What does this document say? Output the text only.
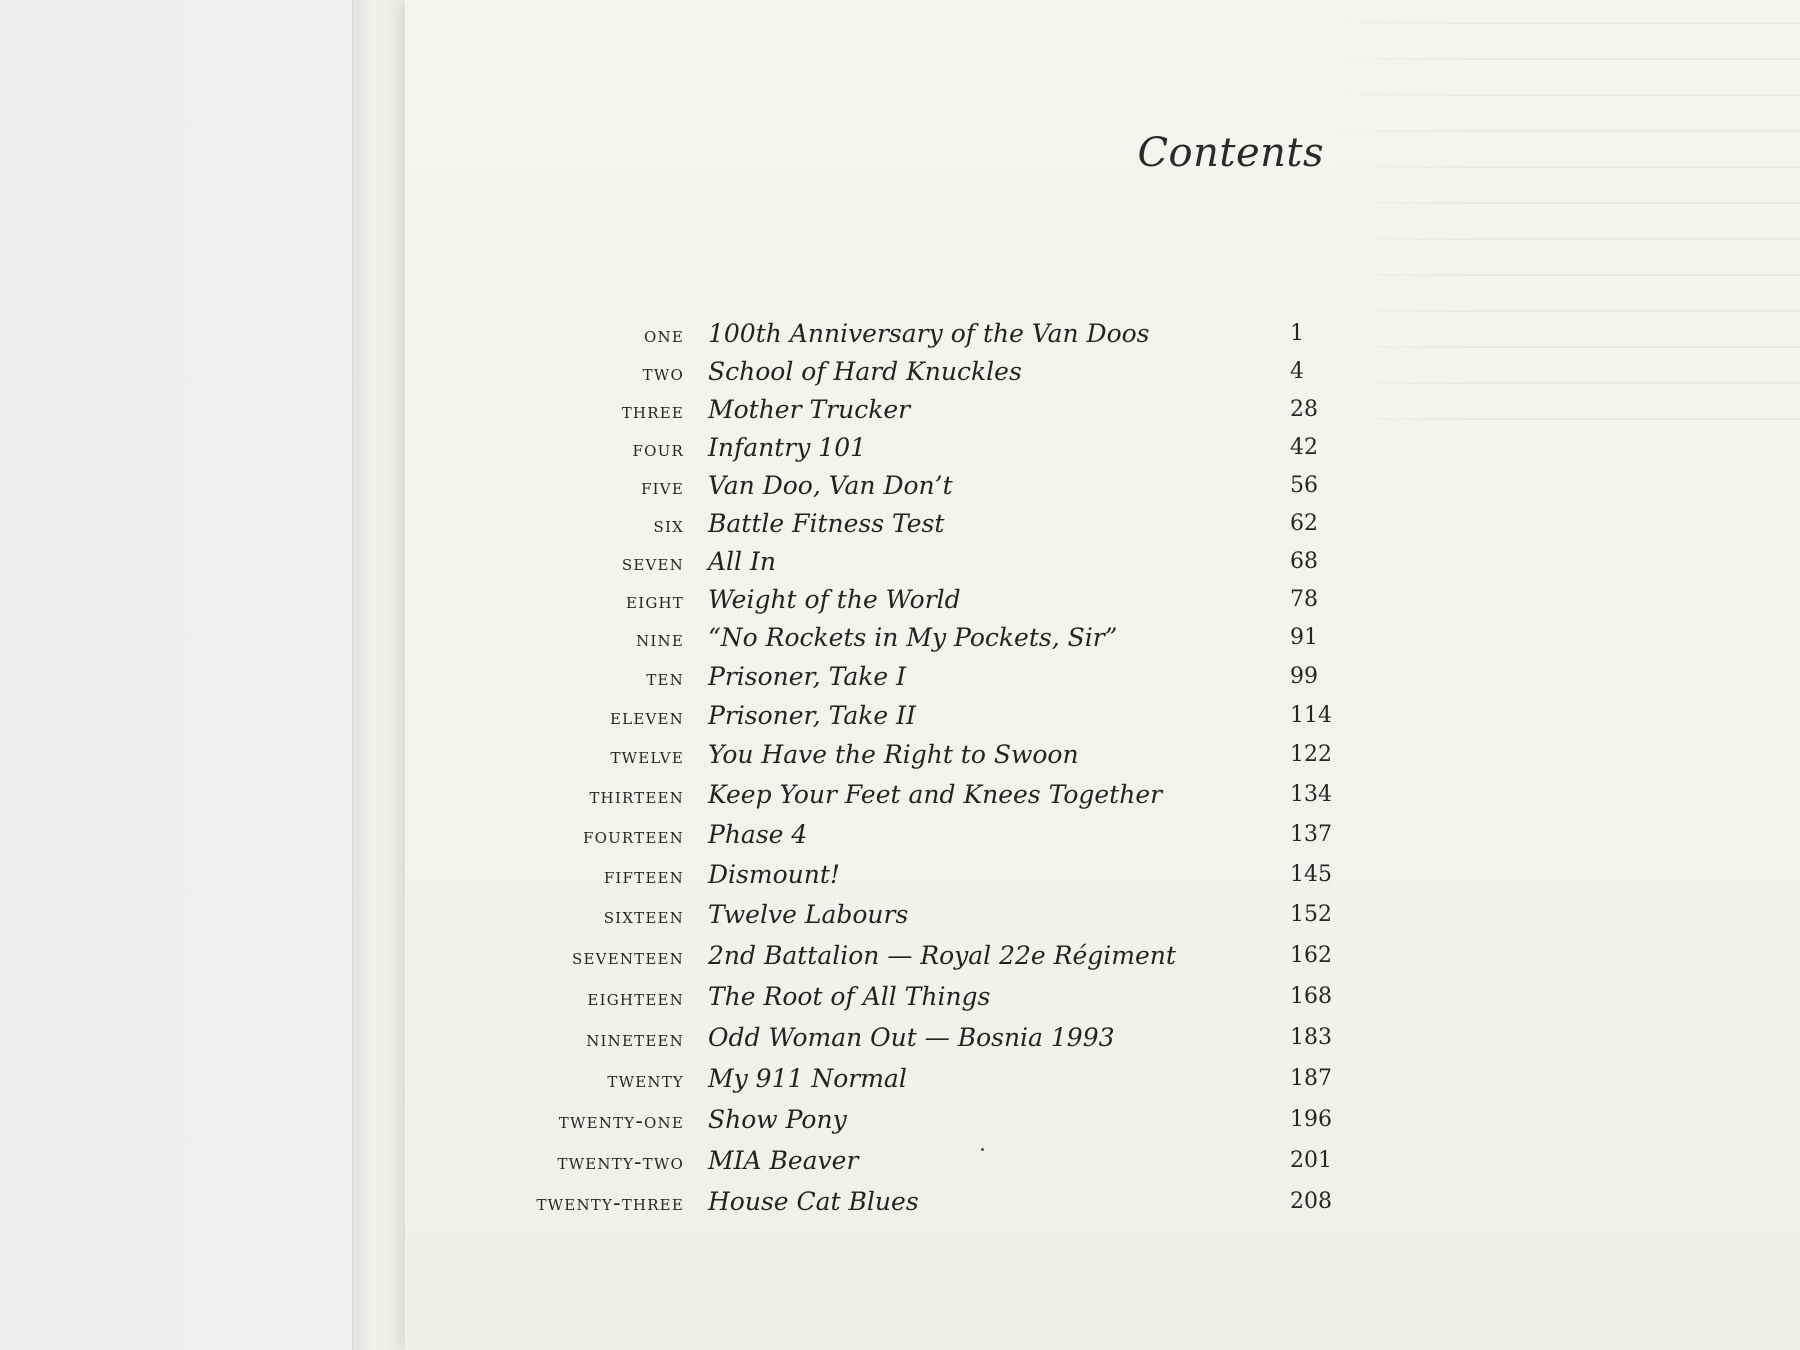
Contents
one 100th Anniversary of the Van Doos	1
two School of Hard Knuckles	4
three Mother Trucker	28
four Infantry 101	42
five Van Doo, Van Don’t	56
six Battle Fitness Test	62
seven All In	68
eight Weight of the World	78
nine “No Rockets in My Pockets, Sir”	91
ten Prisoner, Take I	99
eleven Prisoner, Take II	114
twelve You Have the Right to Swoon	122
thirteen Keep Your Feet and Knees Together	134
fourteen Phase 4	137
fifteen Dismount!	145
sixteen Twelve Labours	152
seventeen 2nd Battalion — Royal 22e Régiment	162
eighteen The Root of All Things	168
nineteen Odd Woman Out — Bosnia 1993	183
twenty My 911 Normal	187
twenty-one Show Pony	196
twenty-two MIA Beaver	201
twenty-three House Cat Blues	208
